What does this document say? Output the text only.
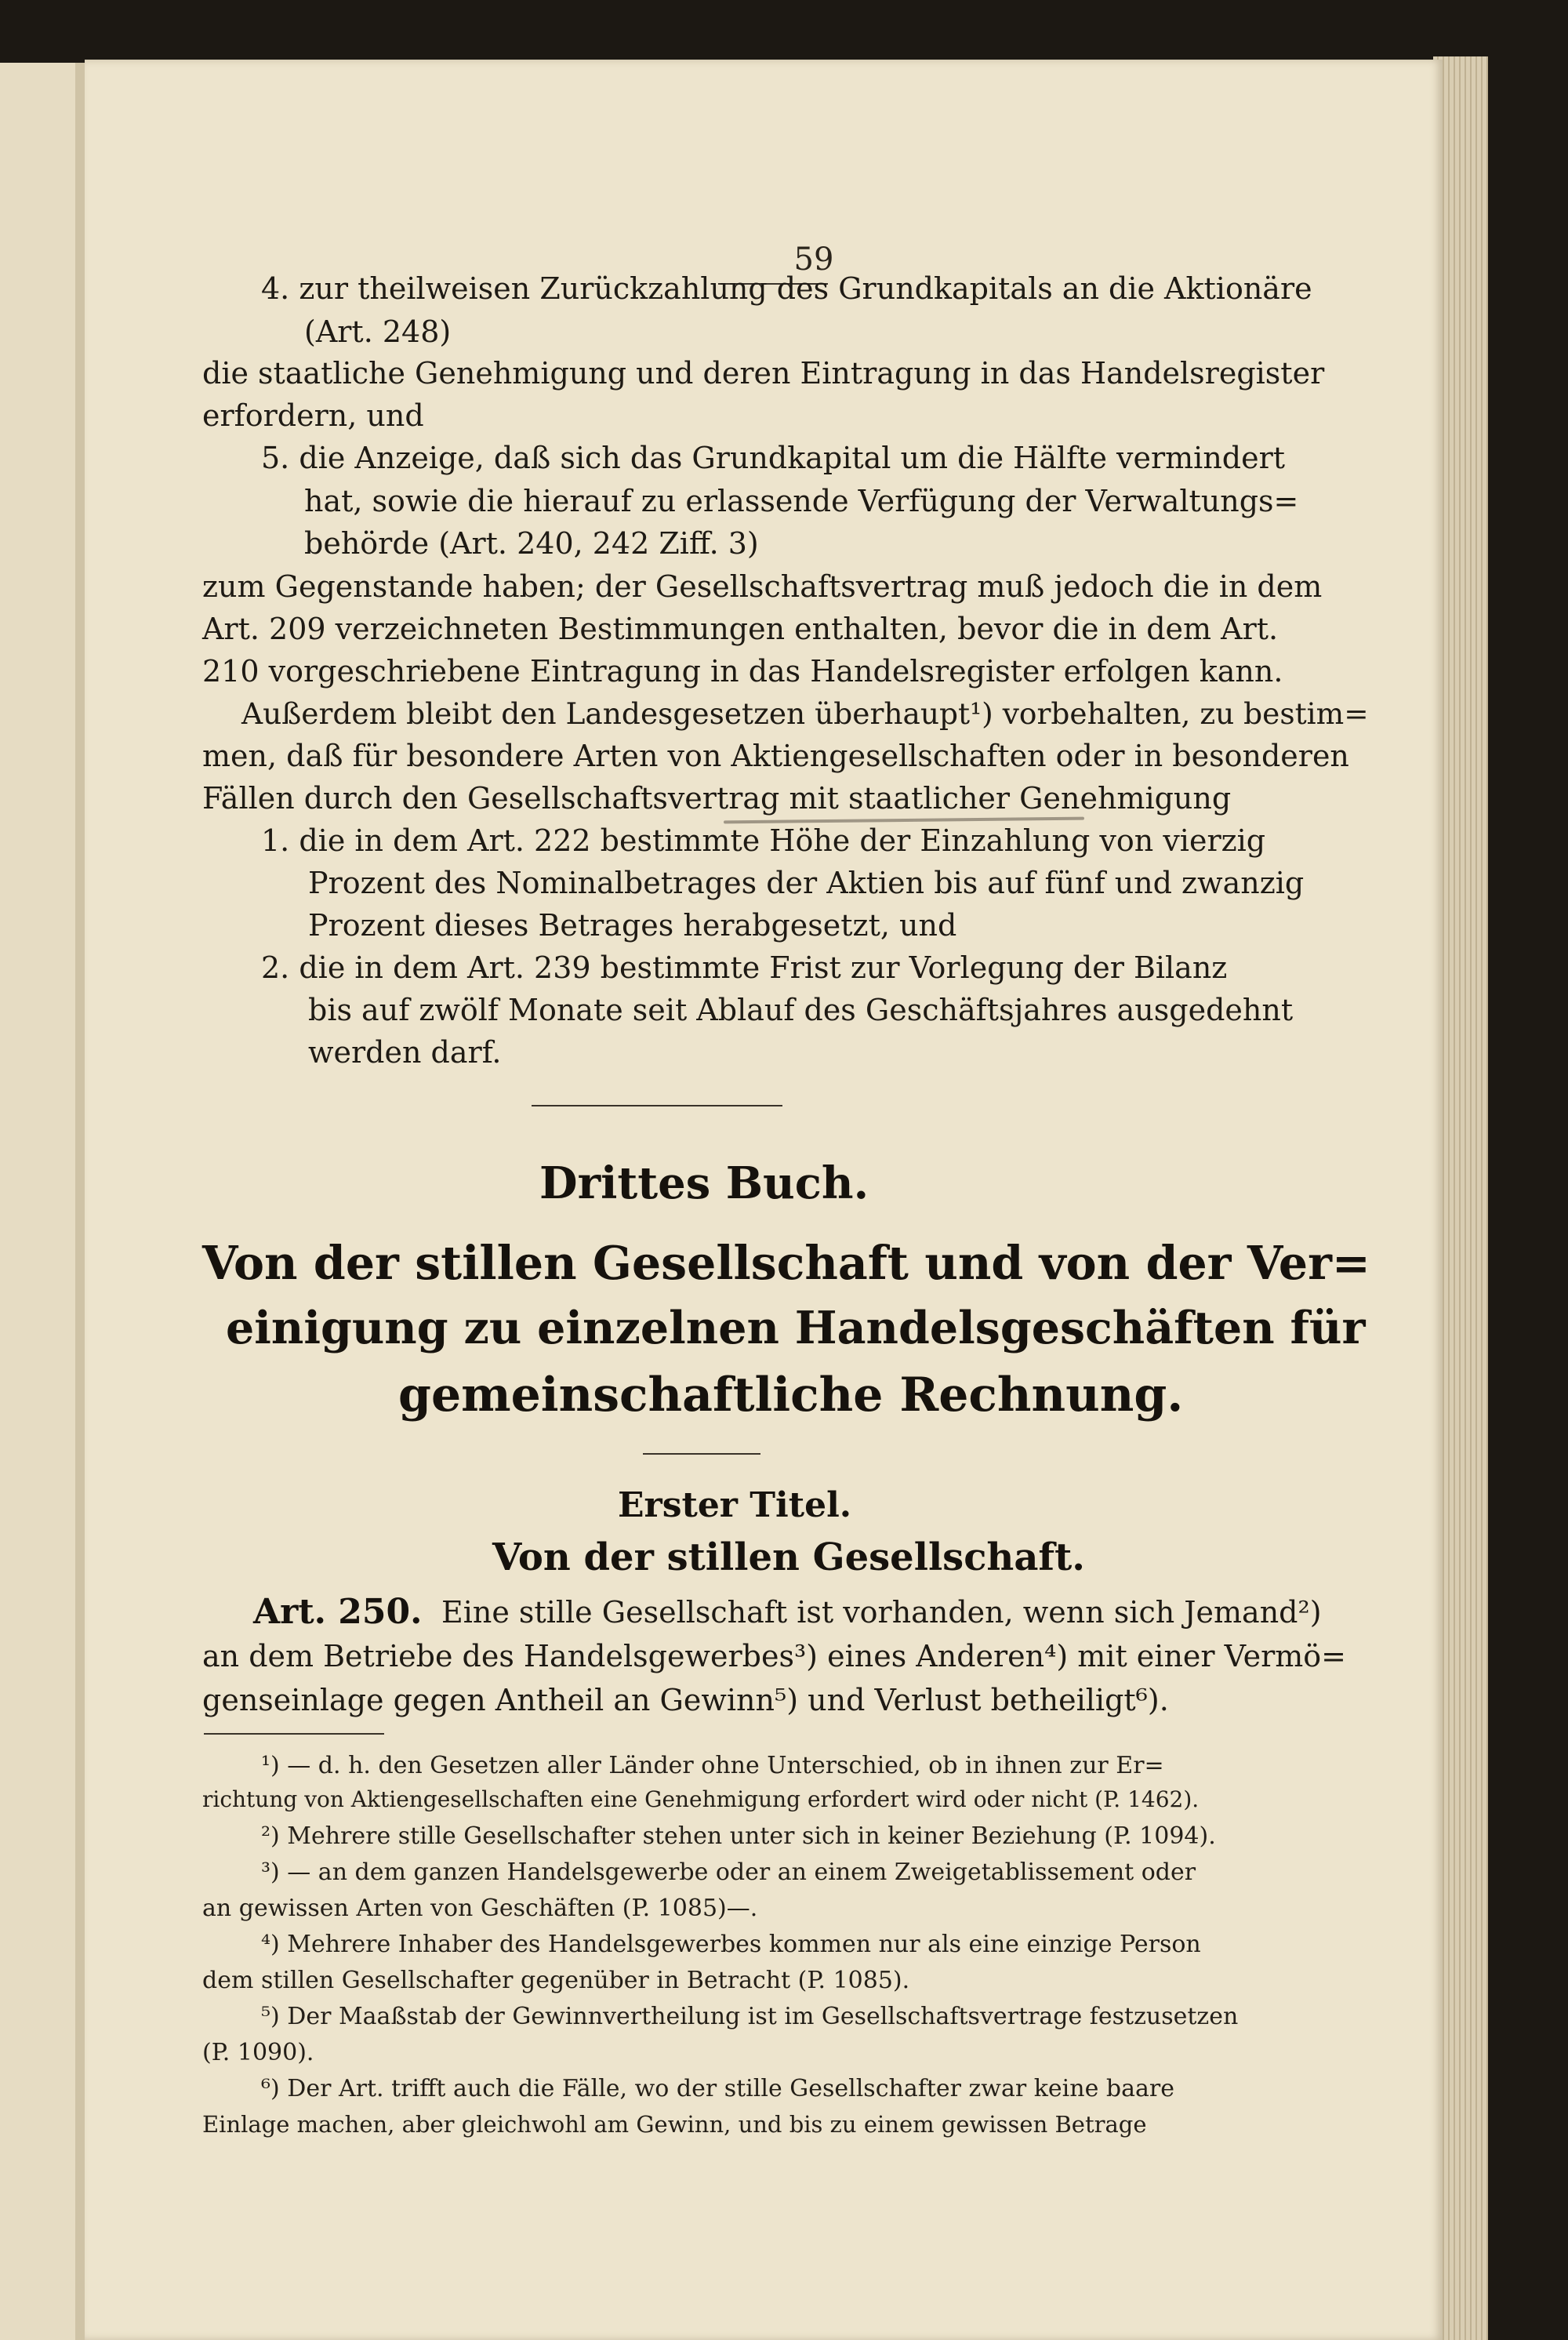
59
4. zur theilweisen Zurückzahlung des Grundkapitals an die Aktionäre
(Art. 248)
die staatliche Genehmigung und deren Eintragung in das Handelsregister
erfordern, und
5. die Anzeige, daß sich das Grundkapital um die Hälfte vermindert
hat, sowie die hierauf zu erlassende Verfügung der Verwaltungs=
behörde (Art. 240, 242 Ziff. 3)
zum Gegenstande haben; der Gesellschaftsvertrag muß jedoch die in dem
Art. 209 verzeichneten Bestimmungen enthalten, bevor die in dem Art.
210 vorgeschriebene Eintragung in das Handelsregister erfolgen kann.
Außerdem bleibt den Landesgesetzen überhaupt¹) vorbehalten, zu bestim=
men, daß für besondere Arten von Aktiengesellschaften oder in besonderen
Fällen durch den Gesellschaftsvertrag mit staatlicher Genehmigung
1. die in dem Art. 222 bestimmte Höhe der Einzahlung von vierzig
Prozent des Nominalbetrages der Aktien bis auf fünf und zwanzig
Prozent dieses Betrages herabgesetzt, und
2. die in dem Art. 239 bestimmte Frist zur Vorlegung der Bilanz
bis auf zwölf Monate seit Ablauf des Geschäftsjahres ausgedehnt
werden darf.
Drittes Buch.
Von der stillen Gesellschaft und von der Ver=
einigung zu einzelnen Handelsgeschäften für
gemeinschaftliche Rechnung.
Erster Titel.
Von der stillen Gesellschaft.
Art. 250. Eine stille Gesellschaft ist vorhanden, wenn sich Jemand²)
an dem Betriebe des Handelsgewerbes³) eines Anderen⁴) mit einer Vermö=
genseinlage gegen Antheil an Gewinn⁵) und Verlust betheiligt⁶).
¹) — d. h. den Gesetzen aller Länder ohne Unterschied, ob in ihnen zur Er=
richtung von Aktiengesellschaften eine Genehmigung erfordert wird oder nicht (P. 1462).
²) Mehrere stille Gesellschafter stehen unter sich in keiner Beziehung (P. 1094).
³) — an dem ganzen Handelsgewerbe oder an einem Zweigetablissement oder
an gewissen Arten von Geschäften (P. 1085)—.
⁴) Mehrere Inhaber des Handelsgewerbes kommen nur als eine einzige Person
dem stillen Gesellschafter gegenüber in Betracht (P. 1085).
⁵) Der Maaßstab der Gewinnvertheilung ist im Gesellschaftsvertrage festzusetzen
(P. 1090).
⁶) Der Art. trifft auch die Fälle, wo der stille Gesellschafter zwar keine baare
Einlage machen, aber gleichwohl am Gewinn, und bis zu einem gewissen Betrage
